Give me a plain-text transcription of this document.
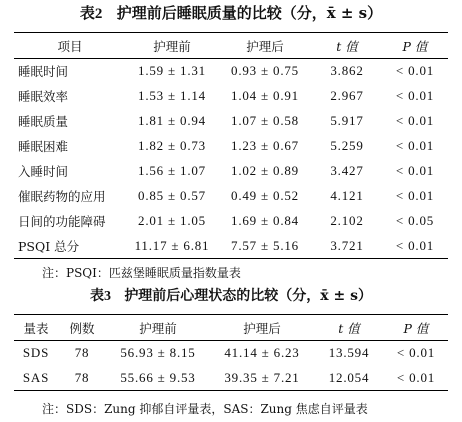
表2 护理前后睡眠质量的比较（分，x̄ ± s）
项目	护理前	护理后	t 值	P 值
睡眠时间	1.59 ± 1.31	0.93 ± 0.75	3.862	< 0.01
睡眠效率	1.53 ± 1.14	1.04 ± 0.91	2.967	< 0.01
睡眠质量	1.81 ± 0.94	1.07 ± 0.58	5.917	< 0.01
睡眠困难	1.82 ± 0.73	1.23 ± 0.67	5.259	< 0.01
入睡时间	1.56 ± 1.07	1.02 ± 0.89	3.427	< 0.01
催眠药物的应用	0.85 ± 0.57	0.49 ± 0.52	4.121	< 0.01
日间的功能障碍	2.01 ± 1.05	1.69 ± 0.84	2.102	< 0.05
PSQI 总分	11.17 ± 6.81	7.57 ± 5.16	3.721	< 0.01
注：PSQI：匹兹堡睡眠质量指数量表
表3 护理前后心理状态的比较（分，x̄ ± s）
量表	例数	护理前	护理后	t 值	P 值
SDS	78	56.93 ± 8.15	41.14 ± 6.23	13.594	< 0.01
SAS	78	55.66 ± 9.53	39.35 ± 7.21	12.054	< 0.01
注：SDS：Zung 抑郁自评量表，SAS：Zung 焦虑自评量表
